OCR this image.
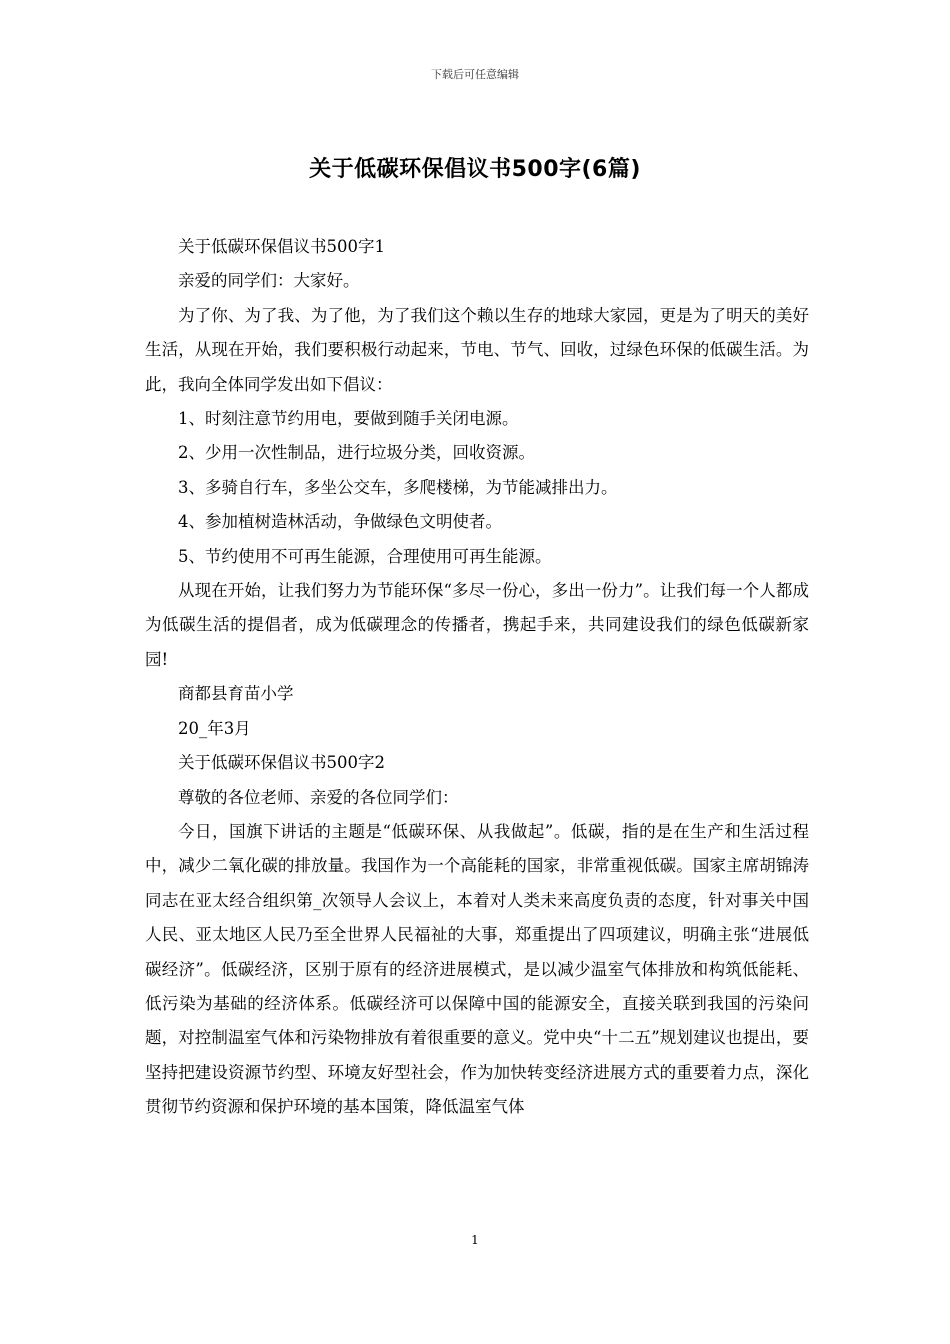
下载后可任意编辑
关于低碳环保倡议书500字(6篇)

关于低碳环保倡议书500字1

亲爱的同学们：大家好。

为了你、为了我、为了他，为了我们这个赖以生存的地球大家园，更是为了明天的美好生活，从现在开始，我们要积极行动起来，节电、节气、回收，过绿色环保的低碳生活。为此，我向全体同学发出如下倡议：

1、时刻注意节约用电，要做到随手关闭电源。

2、少用一次性制品，进行垃圾分类，回收资源。

3、多骑自行车，多坐公交车，多爬楼梯，为节能减排出力。

4、参加植树造林活动，争做绿色文明使者。

5、节约使用不可再生能源，合理使用可再生能源。

从现在开始，让我们努力为节能环保“多尽一份心，多出一份力”。让我们每一个人都成为低碳生活的提倡者，成为低碳理念的传播者，携起手来，共同建设我们的绿色低碳新家园!

商都县育苗小学

20_年3月

关于低碳环保倡议书500字2

尊敬的各位老师、亲爱的各位同学们：

今日，国旗下讲话的主题是“低碳环保、从我做起”。低碳，指的是在生产和生活过程中，减少二氧化碳的排放量。我国作为一个高能耗的国家，非常重视低碳。国家主席胡锦涛同志在亚太经合组织第_次领导人会议上，本着对人类未来高度负责的态度，针对事关中国人民、亚太地区人民乃至全世界人民福祉的大事，郑重提出了四项建议，明确主张“进展低碳经济”。低碳经济，区别于原有的经济进展模式，是以减少温室气体排放和构筑低能耗、低污染为基础的经济体系。低碳经济可以保障中国的能源安全，直接关联到我国的污染问题，对控制温室气体和污染物排放有着很重要的意义。党中央“十二五”规划建议也提出，要坚持把建设资源节约型、环境友好型社会，作为加快转变经济进展方式的重要着力点，深化贯彻节约资源和保护环境的基本国策，降低温室气体

1
